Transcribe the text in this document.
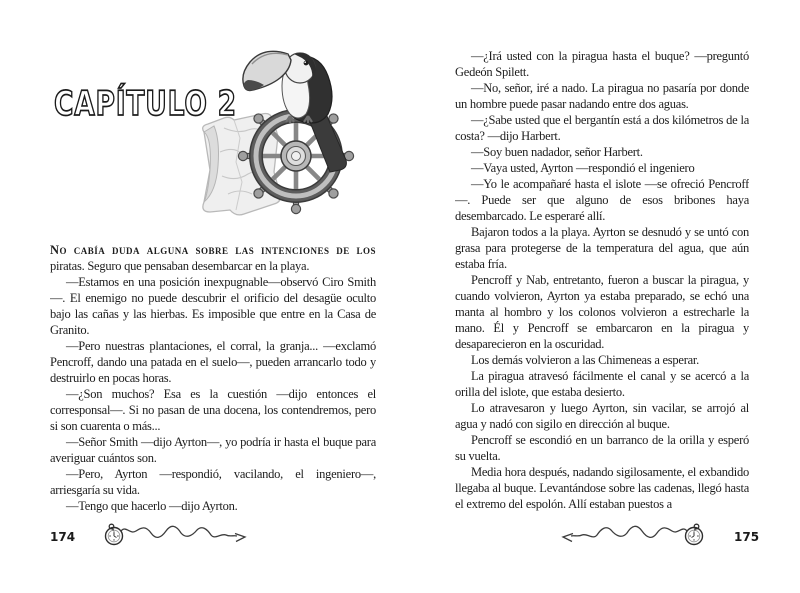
CAPÍTULO 2

No cabía duda alguna sobre las intenciones de los piratas. Seguro que pensaban desembarcar en la playa.

—Estamos en una posición inexpugnable—observó Ciro Smith—. El enemigo no puede descubrir el orificio del desagüe oculto bajo las cañas y las hierbas. Es imposible que entre en la Casa de Granito.

—Pero nuestras plantaciones, el corral, la granja... —exclamó Pencroff, dando una patada en el suelo—, pueden arrancarlo todo y destruirlo en pocas horas.

—¿Son muchos? Esa es la cuestión —dijo entonces el corresponsal—. Si no pasan de una docena, los contendremos, pero si son cuarenta o más...

—Señor Smith —dijo Ayrton—, yo podría ir hasta el buque para averiguar cuántos son.

—Pero, Ayrton —respondió, vacilando, el ingeniero—, arriesgaría su vida.

—Tengo que hacerlo —dijo Ayrton.

174

—¿Irá usted con la piragua hasta el buque? —preguntó Gedeón Spilett.

—No, señor, iré a nado. La piragua no pasaría por donde un hombre puede pasar nadando entre dos aguas.

—¿Sabe usted que el bergantín está a dos kilómetros de la costa? —dijo Harbert.

—Soy buen nadador, señor Harbert.

—Vaya usted, Ayrton —respondió el ingeniero

—Yo le acompañaré hasta el islote —se ofreció Pencroff—. Puede ser que alguno de esos bribones haya desembarcado. Le esperaré allí.

Bajaron todos a la playa. Ayrton se desnudó y se untó con grasa para protegerse de la temperatura del agua, que aún estaba fría.

Pencroff y Nab, entretanto, fueron a buscar la piragua, y cuando volvieron, Ayrton ya estaba preparado, se echó una manta al hombro y los colonos volvieron a estrecharle la mano. Él y Pencroff se embarcaron en la piragua y desaparecieron en la oscuridad.

Los demás volvieron a las Chimeneas a esperar.

La piragua atravesó fácilmente el canal y se acercó a la orilla del islote, que estaba desierto.

Lo atravesaron y luego Ayrton, sin vacilar, se arrojó al agua y nadó con sigilo en dirección al buque.

Pencroff se escondió en un barranco de la orilla y esperó su vuelta.

Media hora después, nadando sigilosamente, el exbandido llegaba al buque. Levantándose sobre las cadenas, llegó hasta el extremo del espolón. Allí estaban puestos a

175
